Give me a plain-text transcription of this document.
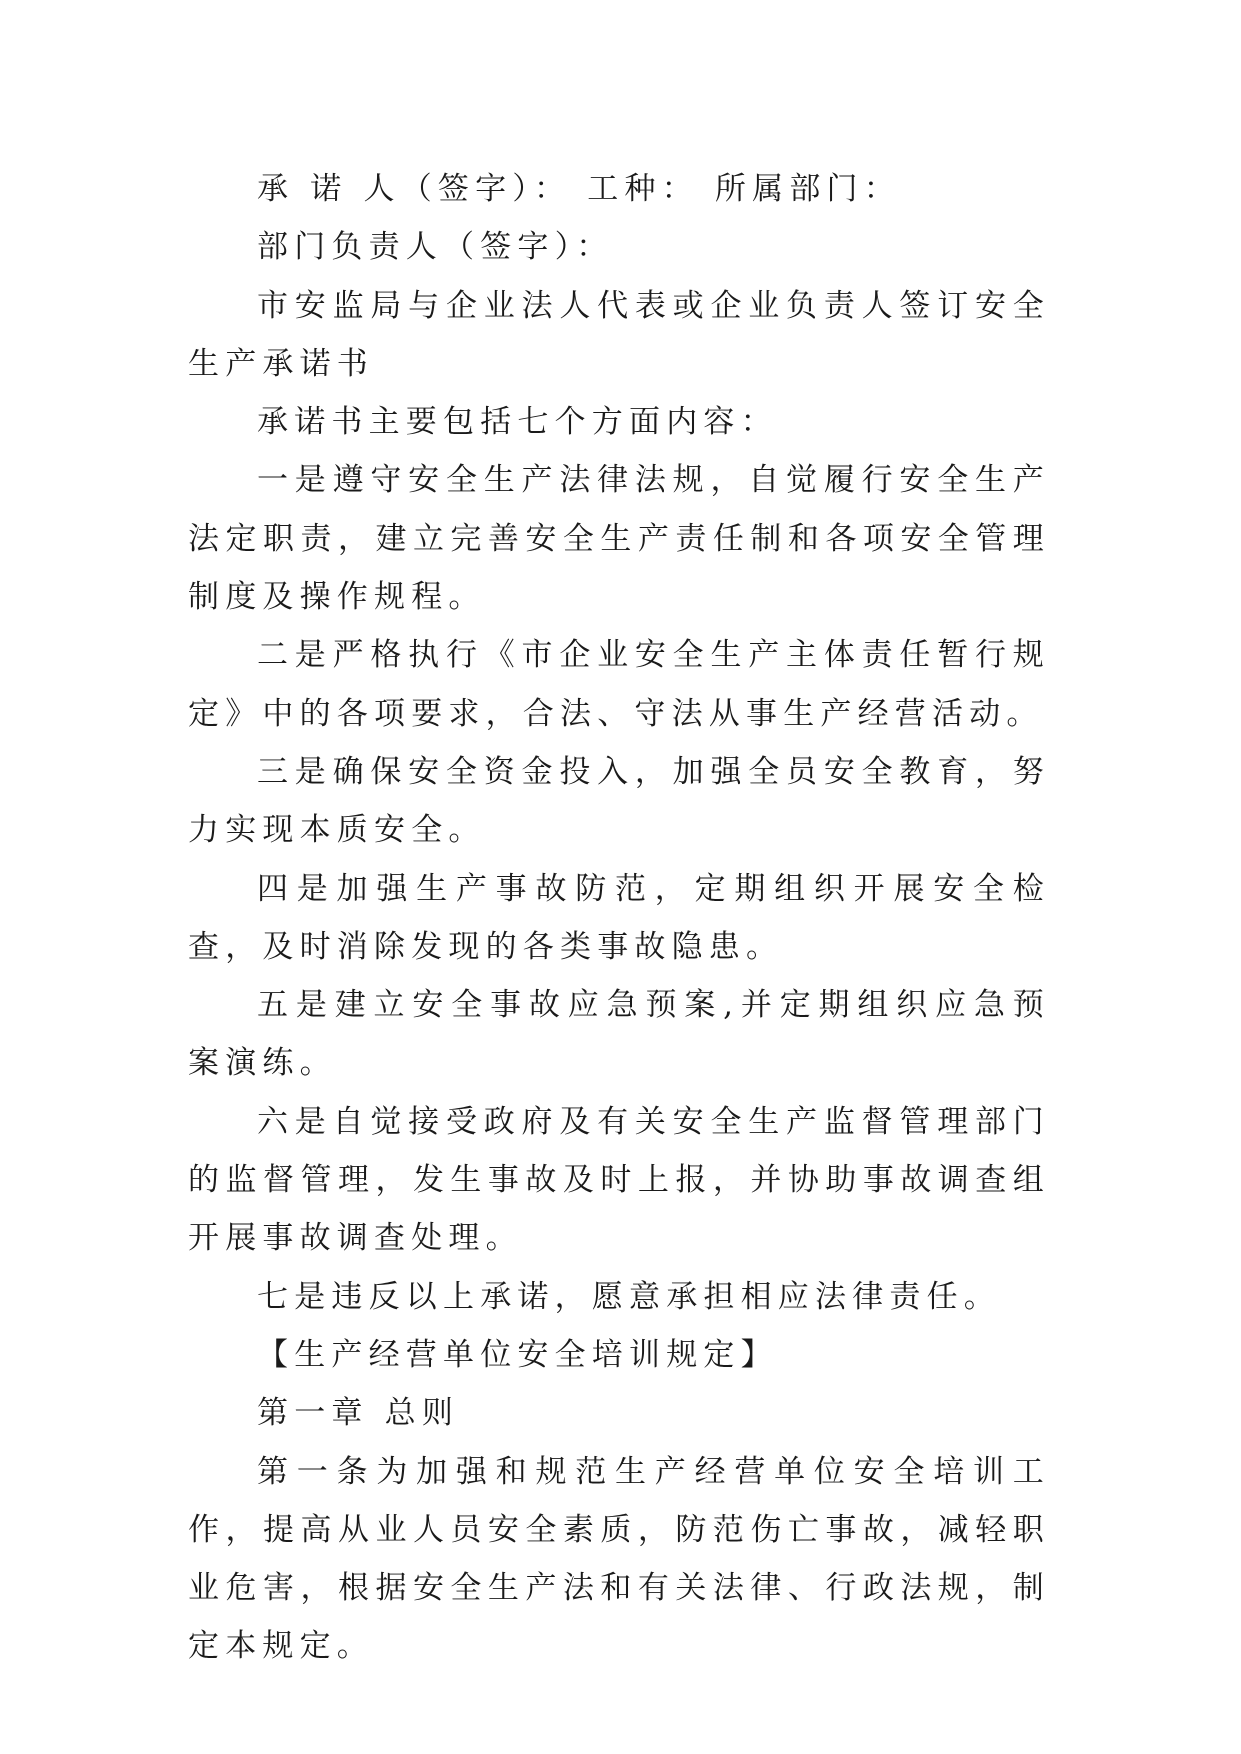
承 诺 人（签字）： 工种： 所属部门：

部门负责人（签字）：

市安监局与企业法人代表或企业负责人签订安全生产承诺书

承诺书主要包括七个方面内容：

一是遵守安全生产法律法规，自觉履行安全生产法定职责，建立完善安全生产责任制和各项安全管理制度及操作规程。

二是严格执行《市企业安全生产主体责任暂行规定》中的各项要求，合法、守法从事生产经营活动。

三是确保安全资金投入，加强全员安全教育，努力实现本质安全。

四是加强生产事故防范，定期组织开展安全检查，及时消除发现的各类事故隐患。

五是建立安全事故应急预案,并定期组织应急预案演练。

六是自觉接受政府及有关安全生产监督管理部门的监督管理，发生事故及时上报，并协助事故调查组开展事故调查处理。

七是违反以上承诺，愿意承担相应法律责任。

【生产经营单位安全培训规定】

第一章 总则

第一条为加强和规范生产经营单位安全培训工作，提高从业人员安全素质，防范伤亡事故，减轻职业危害，根据安全生产法和有关法律、行政法规，制定本规定。
